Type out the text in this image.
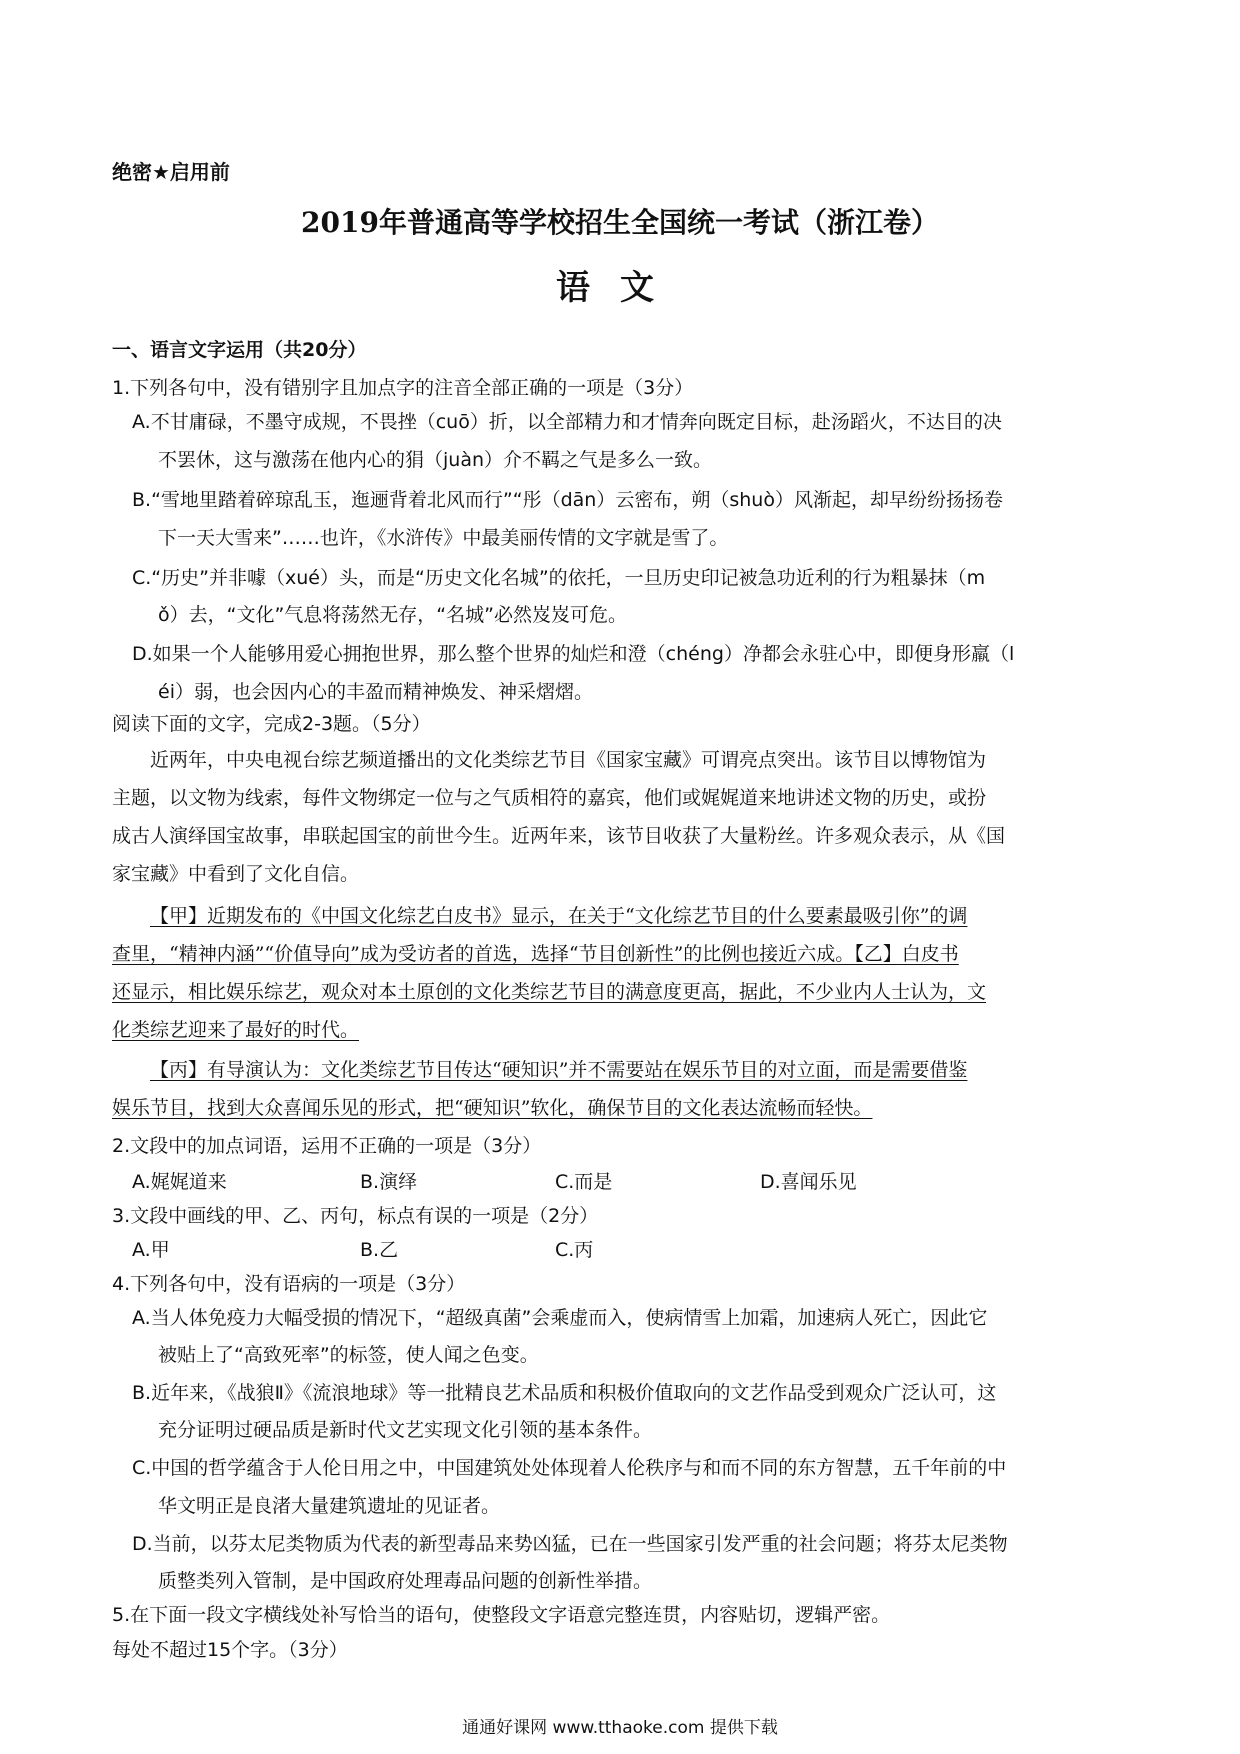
绝密★启用前
2019年普通高等学校招生全国统一考试（浙江卷）
语文
一、语言文字运用（共20分）
1.下列各句中，没有错别字且加点字的注音全部正确的一项是（3分）
A.不甘庸碌，不墨守成规，不畏挫（cuō）折，以全部精力和才情奔向既定目标，赴汤蹈火，不达目的决
不罢休，这与激荡在他内心的狷（juàn）介不羁之气是多么一致。
B.“雪地里踏着碎琼乱玉，迤逦背着北风而行”“彤（dān）云密布，朔（shuò）风渐起，却早纷纷扬扬卷
下一天大雪来”……也许，《水浒传》中最美丽传情的文字就是雪了。
C.“历史”并非噱（xué）头，而是“历史文化名城”的依托，一旦历史印记被急功近利的行为粗暴抹（m
ǒ）去，“文化”气息将荡然无存，“名城”必然岌岌可危。
D.如果一个人能够用爱心拥抱世界，那么整个世界的灿烂和澄（chéng）净都会永驻心中，即便身形羸（l
éi）弱，也会因内心的丰盈而精神焕发、神采熠熠。
阅读下面的文字，完成2-3题。（5分）
近两年，中央电视台综艺频道播出的文化类综艺节目《国家宝藏》可谓亮点突出。该节目以博物馆为
主题，以文物为线索，每件文物绑定一位与之气质相符的嘉宾，他们或娓娓道来地讲述文物的历史，或扮
成古人演绎国宝故事，串联起国宝的前世今生。近两年来，该节目收获了大量粉丝。许多观众表示，从《国
家宝藏》中看到了文化自信。
【甲】近期发布的《中国文化综艺白皮书》显示，在关于“文化综艺节目的什么要素最吸引你”的调
查里，“精神内涵”“价值导向”成为受访者的首选，选择“节目创新性”的比例也接近六成。【乙】白皮书
还显示，相比娱乐综艺，观众对本土原创的文化类综艺节目的满意度更高，据此，不少业内人士认为，文
化类综艺迎来了最好的时代。
【丙】有导演认为：文化类综艺节目传达“硬知识”并不需要站在娱乐节目的对立面，而是需要借鉴
娱乐节目，找到大众喜闻乐见的形式，把“硬知识”软化，确保节目的文化表达流畅而轻快。
2.文段中的加点词语，运用不正确的一项是（3分）
A.娓娓道来	B.演绎	C.而是	D.喜闻乐见
3.文段中画线的甲、乙、丙句，标点有误的一项是（2分）
A.甲	B.乙	C.丙
4.下列各句中，没有语病的一项是（3分）
A.当人体免疫力大幅受损的情况下，“超级真菌”会乘虚而入，使病情雪上加霜，加速病人死亡，因此它
被贴上了“高致死率”的标签，使人闻之色变。
B.近年来，《战狼Ⅱ》《流浪地球》等一批精良艺术品质和积极价值取向的文艺作品受到观众广泛认可，这
充分证明过硬品质是新时代文艺实现文化引领的基本条件。
C.中国的哲学蕴含于人伦日用之中，中国建筑处处体现着人伦秩序与和而不同的东方智慧，五千年前的中
华文明正是良渚大量建筑遗址的见证者。
D.当前，以芬太尼类物质为代表的新型毒品来势凶猛，已在一些国家引发严重的社会问题；将芬太尼类物
质整类列入管制，是中国政府处理毒品问题的创新性举措。
5.在下面一段文字横线处补写恰当的语句，使整段文字语意完整连贯，内容贴切，逻辑严密。
每处不超过15个字。（3分）
通通好课网 www.tthaoke.com 提供下载
